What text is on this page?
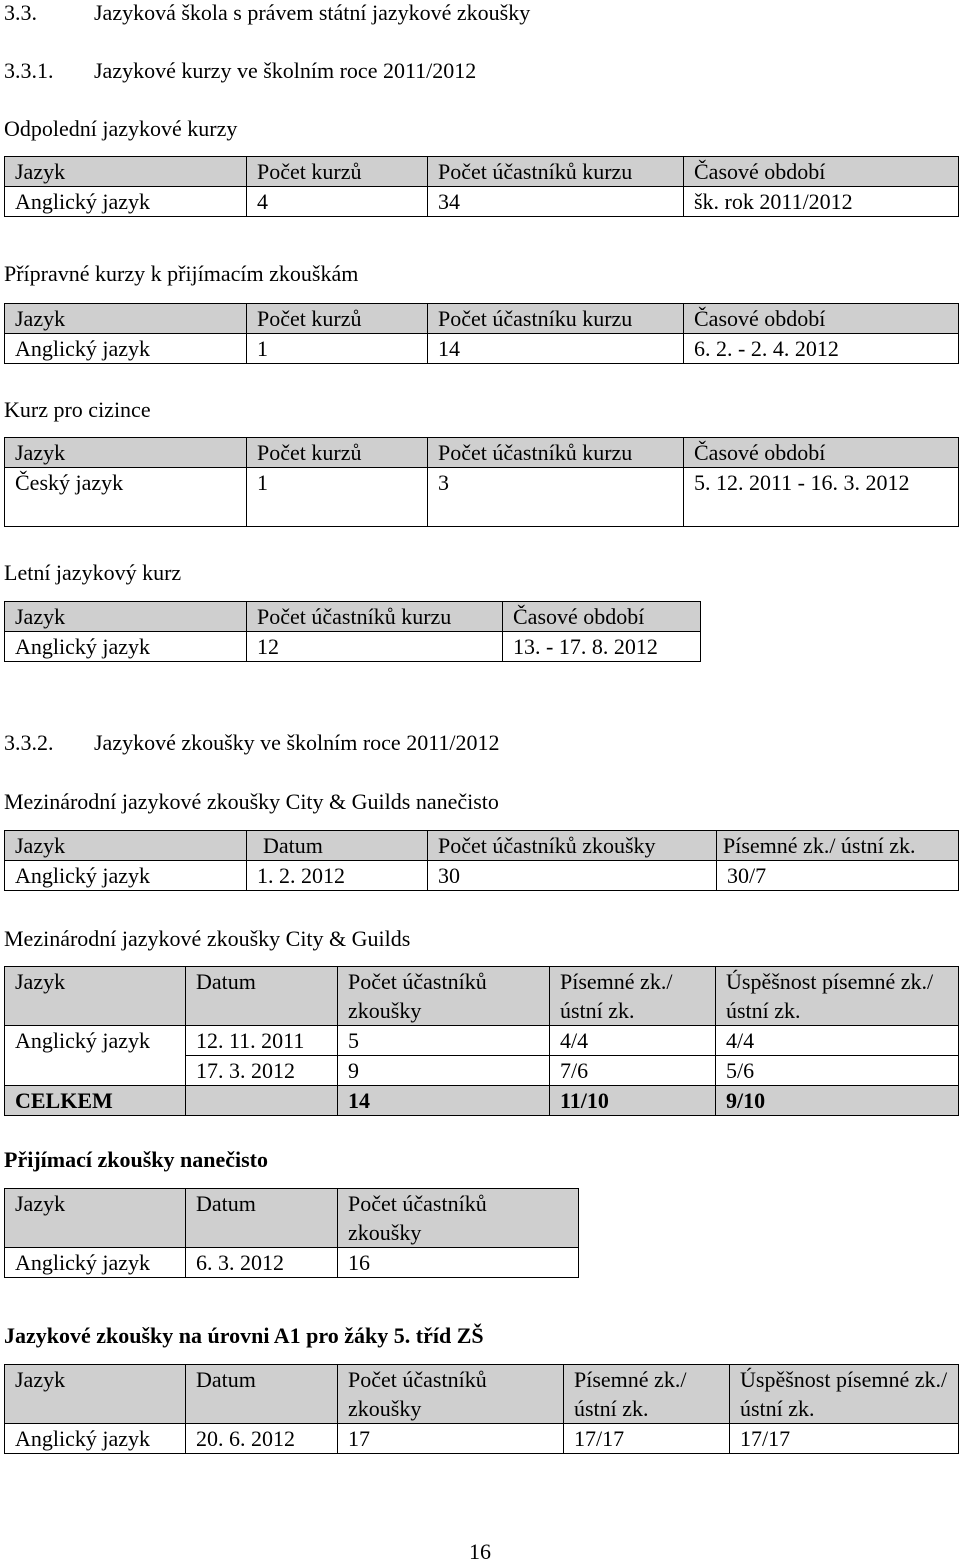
3.3.	Jazyková škola s právem státní jazykové zkoušky
3.3.1. Jazykové kurzy ve školním roce 2011/2012
Odpolední jazykové kurzy
Jazyk	Počet kurzů	Počet účastníků kurzu	Časové období
Anglický jazyk	4	34	šk. rok 2011/2012
Přípravné kurzy k přijímacím zkouškám
Jazyk	Počet kurzů	Počet účastníku kurzu	Časové období
Anglický jazyk	1	14	6. 2. - 2. 4. 2012
Kurz pro cizince
Jazyk	Počet kurzů	Počet účastníků kurzu	Časové období
Český jazyk	1	3	5. 12. 2011 - 16. 3. 2012
Letní jazykový kurz
Jazyk	Počet účastníků kurzu	Časové období
Anglický jazyk	12	13. - 17. 8. 2012
3.3.2. Jazykové zkoušky ve školním roce 2011/2012
Mezinárodní jazykové zkoušky City & Guilds nanečisto
Jazyk	Datum	Počet účastníků zkoušky	Písemné zk./ ústní zk.
Anglický jazyk	1. 2. 2012	30	30/7
Mezinárodní jazykové zkoušky City & Guilds
Jazyk	Datum	Počet účastníků zkoušky	Písemné zk./ústní zk.	Úspěšnost písemné zk./ústní zk.
Anglický jazyk	12. 11. 2011	5	4/4	4/4
	17. 3. 2012	9	7/6	5/6
CELKEM		14	11/10	9/10
Přijímací zkoušky nanečisto
Jazyk	Datum	Počet účastníků zkoušky
Anglický jazyk	6. 3. 2012	16
Jazykové zkoušky na úrovni A1 pro žáky 5. tříd ZŠ
Jazyk	Datum	Počet účastníků zkoušky	Písemné zk./ústní zk.	Úspěšnost písemné zk./ústní zk.
Anglický jazyk	20. 6. 2012	17	17/17	17/17
16
